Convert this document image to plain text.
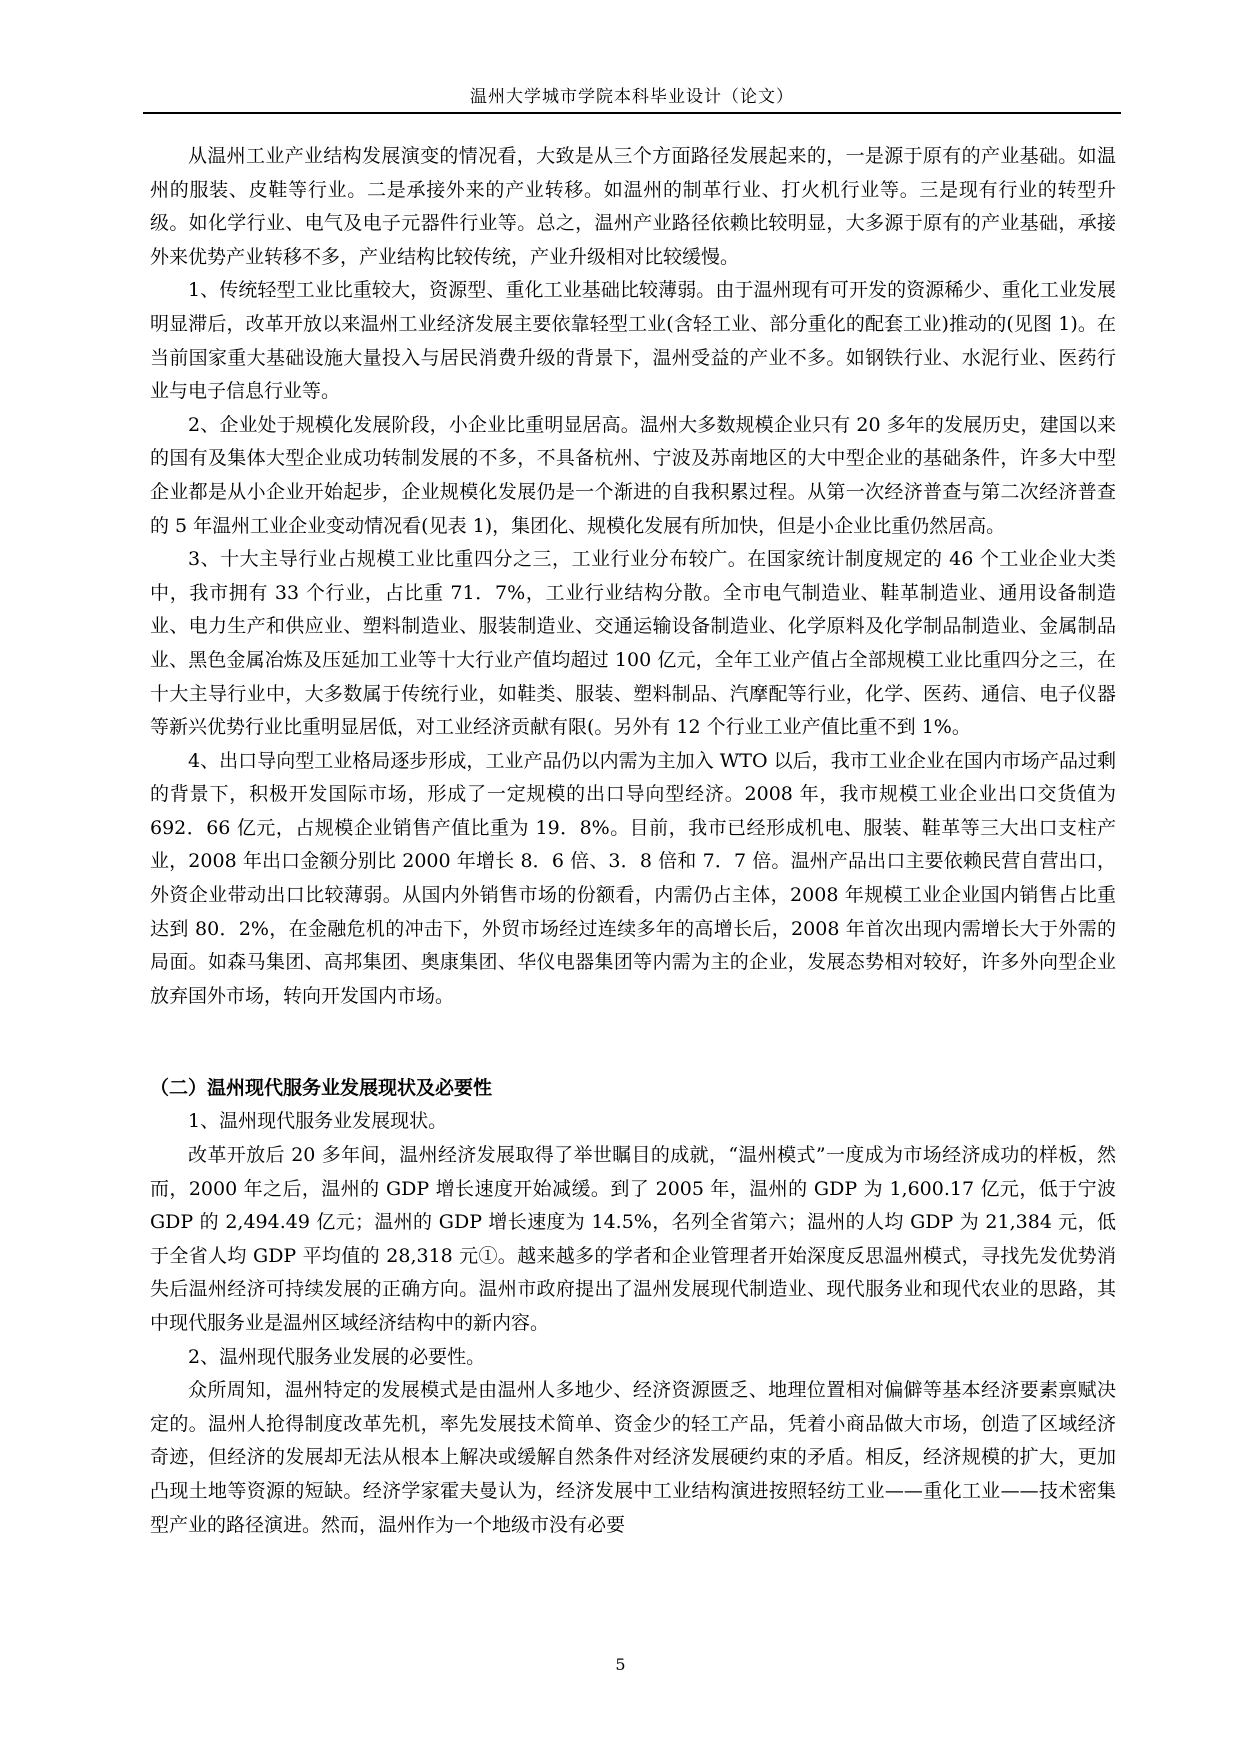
温州大学城市学院本科毕业设计（论文）

从温州工业产业结构发展演变的情况看，大致是从三个方面路径发展起来的，一是源于原有的产业基础。如温州的服装、皮鞋等行业。二是承接外来的产业转移。如温州的制革行业、打火机行业等。三是现有行业的转型升级。如化学行业、电气及电子元器件行业等。总之，温州产业路径依赖比较明显，大多源于原有的产业基础，承接外来优势产业转移不多，产业结构比较传统，产业升级相对比较缓慢。

1、传统轻型工业比重较大，资源型、重化工业基础比较薄弱。由于温州现有可开发的资源稀少、重化工业发展明显滞后，改革开放以来温州工业经济发展主要依靠轻型工业(含轻工业、部分重化的配套工业)推动的(见图 1)。在当前国家重大基础设施大量投入与居民消费升级的背景下，温州受益的产业不多。如钢铁行业、水泥行业、医药行业与电子信息行业等。

2、企业处于规模化发展阶段，小企业比重明显居高。温州大多数规模企业只有 20 多年的发展历史，建国以来的国有及集体大型企业成功转制发展的不多，不具备杭州、宁波及苏南地区的大中型企业的基础条件，许多大中型企业都是从小企业开始起步，企业规模化发展仍是一个渐进的自我积累过程。从第一次经济普查与第二次经济普查的 5 年温州工业企业变动情况看(见表 1)，集团化、规模化发展有所加快，但是小企业比重仍然居高。

3、十大主导行业占规模工业比重四分之三，工业行业分布较广。在国家统计制度规定的 46 个工业企业大类中，我市拥有 33 个行业，占比重 71．7%，工业行业结构分散。全市电气制造业、鞋革制造业、通用设备制造业、电力生产和供应业、塑料制造业、服装制造业、交通运输设备制造业、化学原料及化学制品制造业、金属制品业、黑色金属冶炼及压延加工业等十大行业产值均超过 100 亿元，全年工业产值占全部规模工业比重四分之三，在十大主导行业中，大多数属于传统行业，如鞋类、服装、塑料制品、汽摩配等行业，化学、医药、通信、电子仪器等新兴优势行业比重明显居低，对工业经济贡献有限(。另外有 12 个行业工业产值比重不到 1%。

4、出口导向型工业格局逐步形成，工业产品仍以内需为主加入 WTO 以后，我市工业企业在国内市场产品过剩的背景下，积极开发国际市场，形成了一定规模的出口导向型经济。2008 年，我市规模工业企业出口交货值为 692．66 亿元，占规模企业销售产值比重为 19．8%。目前，我市已经形成机电、服装、鞋革等三大出口支柱产业，2008 年出口金额分别比 2000 年增长 8．6 倍、3．8 倍和 7．7 倍。温州产品出口主要依赖民营自营出口，外资企业带动出口比较薄弱。从国内外销售市场的份额看，内需仍占主体，2008 年规模工业企业国内销售占比重达到 80．2%，在金融危机的冲击下，外贸市场经过连续多年的高增长后，2008 年首次出现内需增长大于外需的局面。如森马集团、高邦集团、奥康集团、华仪电器集团等内需为主的企业，发展态势相对较好，许多外向型企业放弃国外市场，转向开发国内市场。

（二）温州现代服务业发展现状及必要性

1、温州现代服务业发展现状。

改革开放后 20 多年间，温州经济发展取得了举世瞩目的成就，“温州模式”一度成为市场经济成功的样板，然而，2000 年之后，温州的 GDP 增长速度开始减缓。到了 2005 年，温州的 GDP 为 1,600.17 亿元，低于宁波 GDP 的 2,494.49 亿元；温州的 GDP 增长速度为 14.5%，名列全省第六；温州的人均 GDP 为 21,384 元，低于全省人均 GDP 平均值的 28,318 元①。越来越多的学者和企业管理者开始深度反思温州模式，寻找先发优势消失后温州经济可持续发展的正确方向。温州市政府提出了温州发展现代制造业、现代服务业和现代农业的思路，其中现代服务业是温州区域经济结构中的新内容。

2、温州现代服务业发展的必要性。

众所周知，温州特定的发展模式是由温州人多地少、经济资源匮乏、地理位置相对偏僻等基本经济要素禀赋决定的。温州人抢得制度改革先机，率先发展技术简单、资金少的轻工产品，凭着小商品做大市场，创造了区域经济奇迹，但经济的发展却无法从根本上解决或缓解自然条件对经济发展硬约束的矛盾。相反，经济规模的扩大，更加凸现土地等资源的短缺。经济学家霍夫曼认为，经济发展中工业结构演进按照轻纺工业——重化工业——技术密集型产业的路径演进。然而，温州作为一个地级市没有必要

5
